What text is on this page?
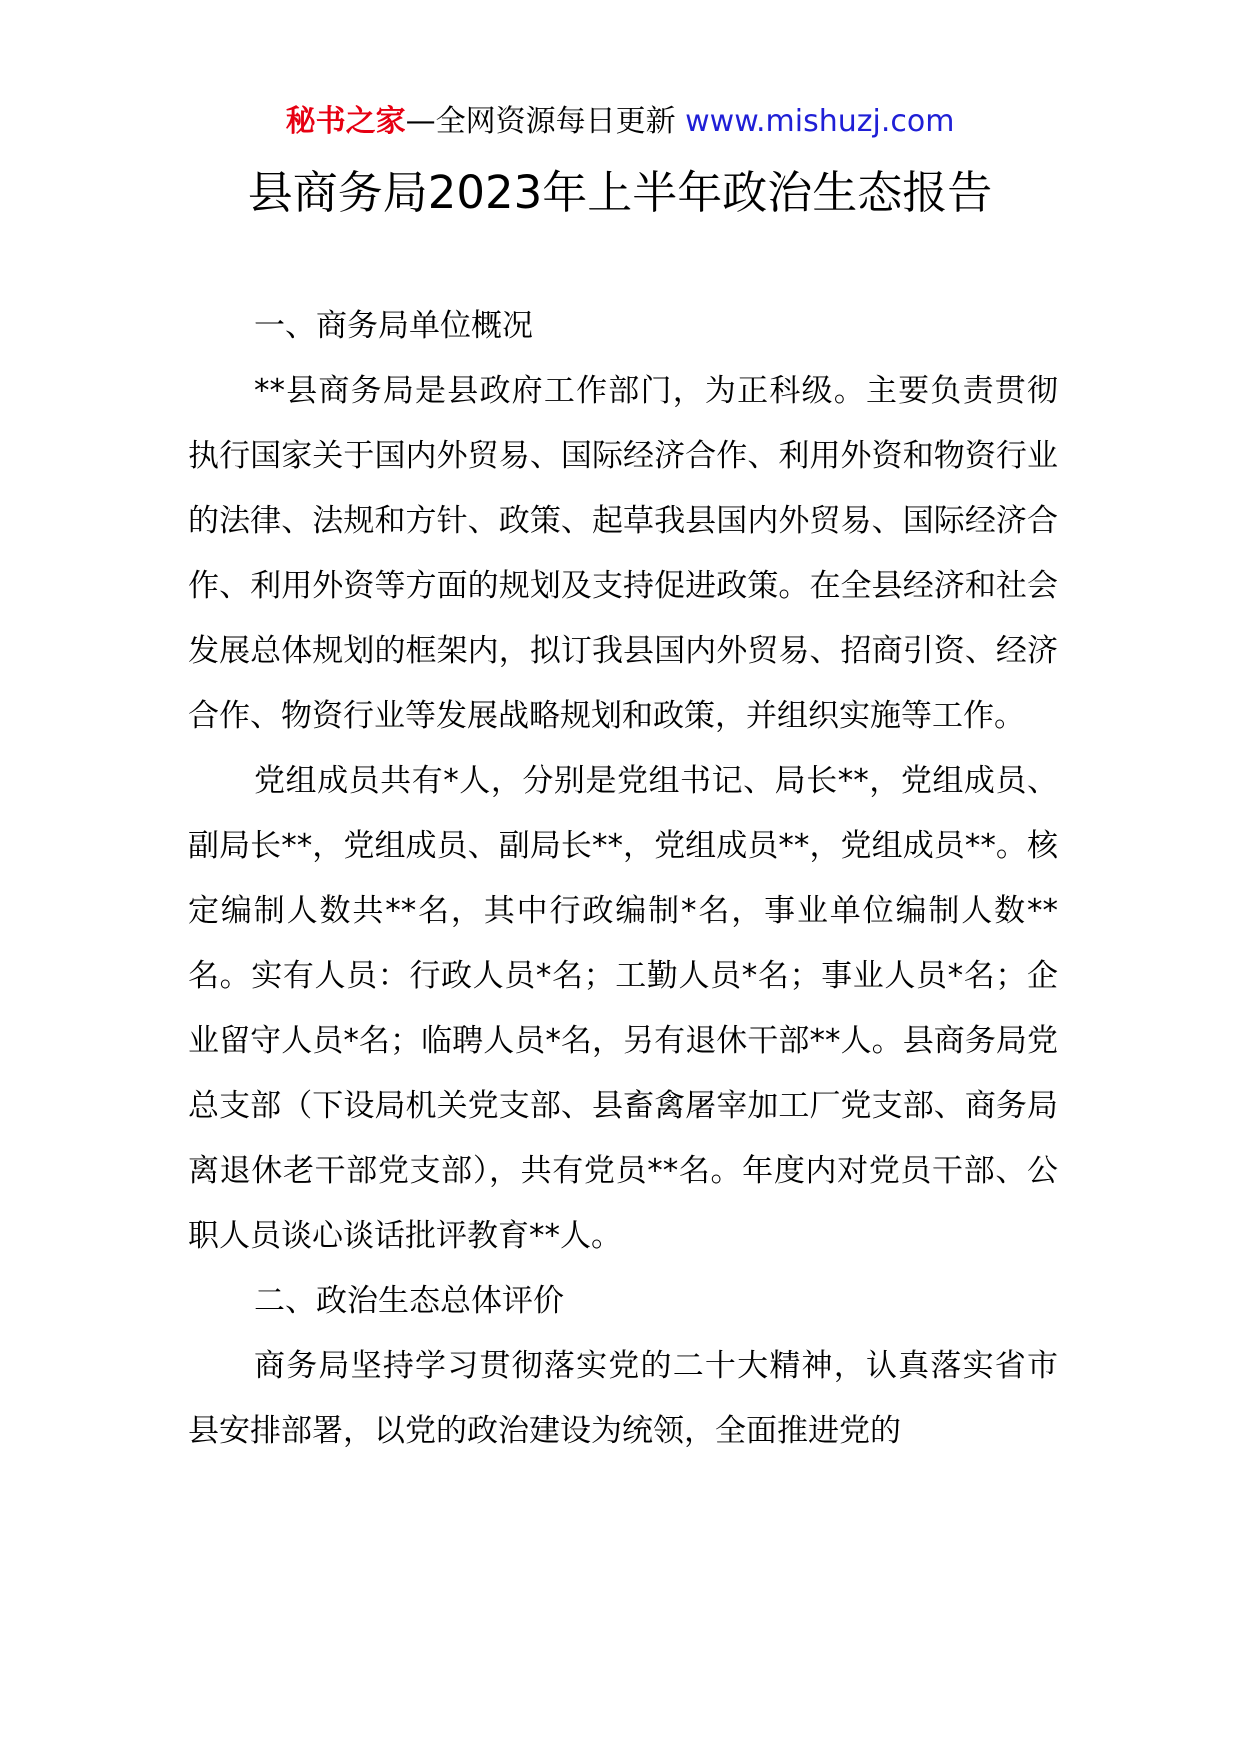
秘书之家—全网资源每日更新 www.mishuzj.com
县商务局2023年上半年政治生态报告
一、商务局单位概况

**县商务局是县政府工作部门，为正科级。主要负责贯彻执行国家关于国内外贸易、国际经济合作、利用外资和物资行业的法律、法规和方针、政策、起草我县国内外贸易、国际经济合作、利用外资等方面的规划及支持促进政策。在全县经济和社会发展总体规划的框架内，拟订我县国内外贸易、招商引资、经济合作、物资行业等发展战略规划和政策，并组织实施等工作。

党组成员共有*人，分别是党组书记、局长**，党组成员、副局长**，党组成员、副局长**，党组成员**，党组成员**。核定编制人数共**名，其中行政编制*名，事业单位编制人数**名。实有人员：行政人员*名；工勤人员*名；事业人员*名；企业留守人员*名；临聘人员*名，另有退休干部**人。县商务局党总支部（下设局机关党支部、县畜禽屠宰加工厂党支部、商务局离退休老干部党支部），共有党员**名。年度内对党员干部、公职人员谈心谈话批评教育**人。

二、政治生态总体评价

商务局坚持学习贯彻落实党的二十大精神，认真落实省市县安排部署，以党的政治建设为统领，全面推进党的
